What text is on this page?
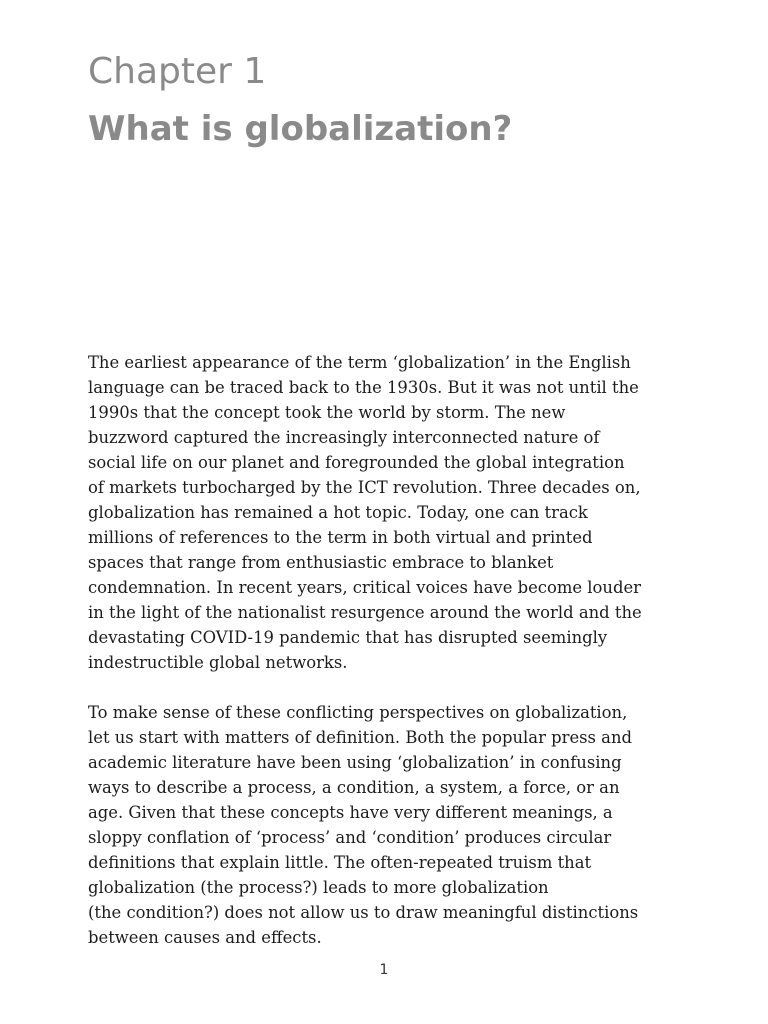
Chapter 1
What is globalization?
The earliest appearance of the term ‘globalization’ in the English
language can be traced back to the 1930s. But it was not until the
1990s that the concept took the world by storm. The new
buzzword captured the increasingly interconnected nature of
social life on our planet and foregrounded the global integration
of markets turbocharged by the ICT revolution. Three decades on,
globalization has remained a hot topic. Today, one can track
millions of references to the term in both virtual and printed
spaces that range from enthusiastic embrace to blanket
condemnation. In recent years, critical voices have become louder
in the light of the nationalist resurgence around the world and the
devastating COVID-19 pandemic that has disrupted seemingly
indestructible global networks.
To make sense of these conflicting perspectives on globalization,
let us start with matters of definition. Both the popular press and
academic literature have been using ‘globalization’ in confusing
ways to describe a process, a condition, a system, a force, or an
age. Given that these concepts have very different meanings, a
sloppy conflation of ‘process’ and ‘condition’ produces circular
definitions that explain little. The often-repeated truism that
globalization (the process?) leads to more globalization
(the condition?) does not allow us to draw meaningful distinctions
between causes and effects.
1
